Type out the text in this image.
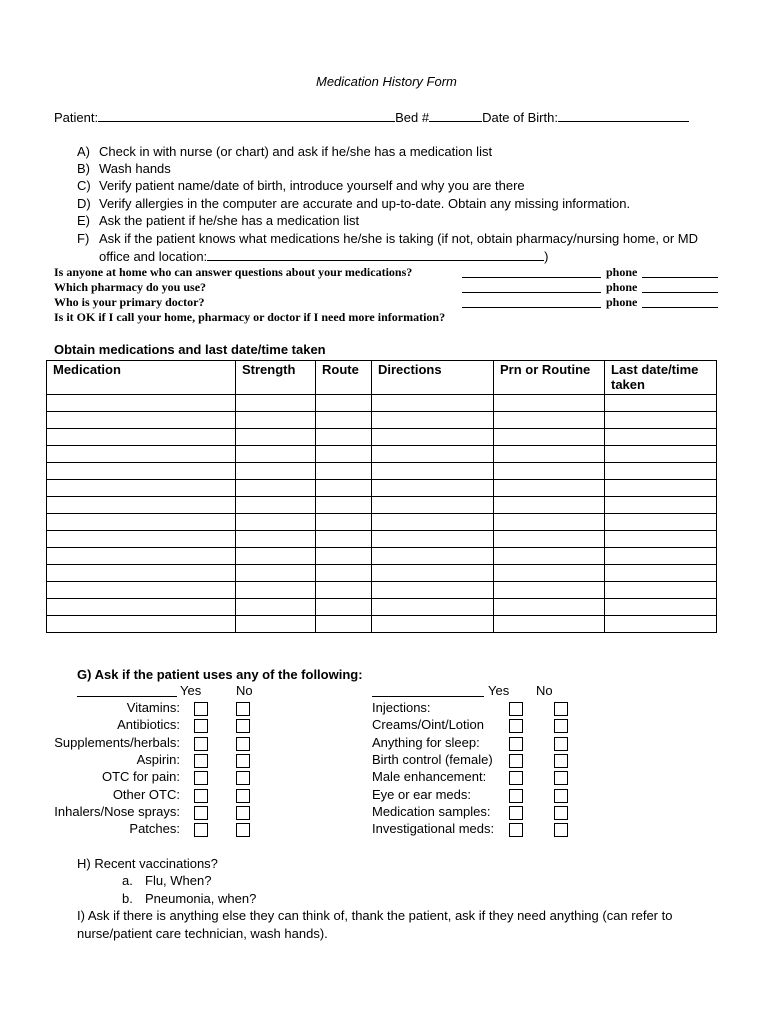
Medication History Form
Patient:	Bed #	Date of Birth:
A) Check in with nurse (or chart) and ask if he/she has a medication list
B) Wash hands
C) Verify patient name/date of birth, introduce yourself and why you are there
D) Verify allergies in the computer are accurate and up-to-date. Obtain any missing information.
E) Ask the patient if he/she has a medication list
F) Ask if the patient knows what medications he/she is taking (if not, obtain pharmacy/nursing home, or MD
office and location:	)
Is anyone at home who can answer questions about your medications?	phone
Which pharmacy do you use?	phone
Who is your primary doctor?	phone
Is it OK if I call your home, pharmacy or doctor if I need more information?
Obtain medications and last date/time taken
Medication	Strength	Route	Directions	Prn or Routine	Last date/time taken

G) Ask if the patient uses any of the following:
Yes	No	Yes No
Vitamins:
Antibiotics:
Supplements/herbals:
Aspirin:
OTC for pain:
Other OTC:
Inhalers/Nose sprays:
Patches:
Injections:
Creams/Oint/Lotion
Anything for sleep:
Birth control (female)
Male enhancement:
Eye or ear meds:
Medication samples:
Investigational meds:
H) Recent vaccinations?
a. Flu, When?
b. Pneumonia, when?
I) Ask if there is anything else they can think of, thank the patient, ask if they need anything (can refer to
nurse/patient care technician, wash hands).
